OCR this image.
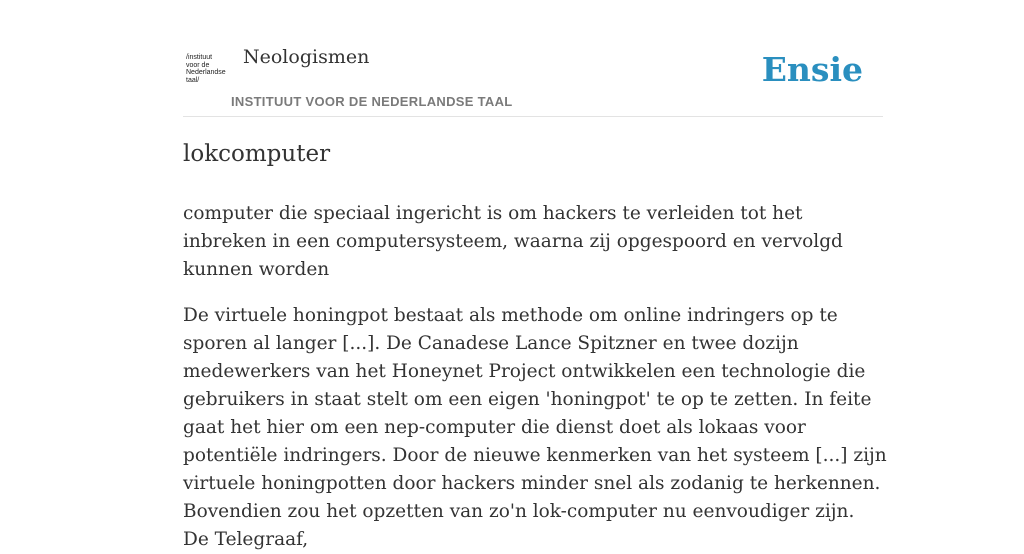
/instituut
voor de
Nederlandse
taal/
Neologismen
INSTITUUT VOOR DE NEDERLANDSE TAAL
Ensie
lokcomputer

computer die speciaal ingericht is om hackers te verleiden tot het inbreken in een computersysteem, waarna zij opgespoord en vervolgd kunnen worden

De virtuele honingpot bestaat als methode om online indringers op te sporen al langer [...]. De Canadese Lance Spitzner en twee dozijn medewerkers van het Honeynet Project ontwikkelen een technologie die gebruikers in staat stelt om een eigen 'honingpot' te op te zetten. In feite gaat het hier om een nep-computer die dienst doet als lokaas voor potentiële indringers. Door de nieuwe kenmerken van het systeem [...] zijn virtuele honingpotten door hackers minder snel als zodanig te herkennen. Bovendien zou het opzetten van zo'n lok-computer nu eenvoudiger zijn.

De Telegraaf,
